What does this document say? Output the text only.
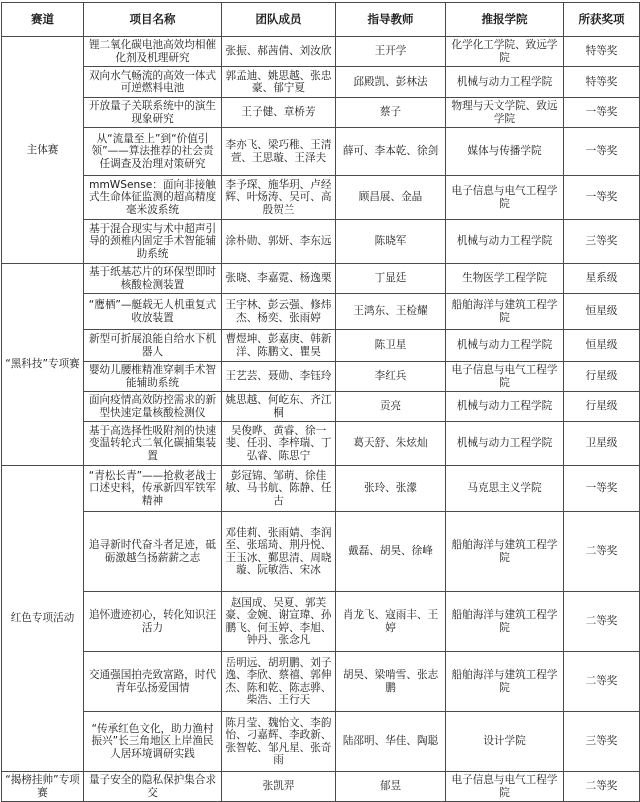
赛道	项目名称	团队成员	指导教师	推报学院	所获奖项
主体赛	锂二氧化碳电池高效均相催化剂及机理研究	张振、郝茜倩、刘汝欣	王开学	化学化工学院、致远学院	特等奖
	双向水气畅流的高效一体式可逆燃料电池	郭孟迪、姚思越、张忠豪、郁宁夏	邱殿凯、彭林法	机械与动力工程学院	特等奖
	开放量子关联系统中的演生现象研究	王子健、章桥芳	蔡子	物理与天文学院、致远学院	一等奖
	从“流量至上”到“价值引领”——算法推荐的社会责任调查及治理对策研究	李亦飞、梁巧稚、王清萱、王思璇、王泽夫	薛可、李本乾、徐剑	媒体与传播学院	一等奖
	mmWSense：面向非接触式生命体征监测的超高精度毫米波系统	李予琛、施华玥、卢经辉、叶炀涛、吴可、高殷贺兰	顾昌展、金晶	电子信息与电气工程学院	一等奖
	基于混合现实与术中超声引导的颈椎内固定手术智能辅助系统	涂朴勋、郭妍、李东远	陈晓军	机械与动力工程学院	三等奖
“黑科技”专项赛	基于纸基芯片的环保型即时核酸检测装置	张晓、李嘉霓、杨逸栗	丁显廷	生物医学工程学院	星系级
	“鹰栖”—艇载无人机重复式收放装置	王宇林、彭云强、修炜杰、杨奕、张雨婷	王鸿东、王检耀	船舶海洋与建筑工程学院	恒星级
	新型可折展浪能自给水下机器人	曹煜坤、彭嘉庚、韩新洋、陈鹏文、瞿昊	陈卫星	机械与动力工程学院	恒星级
	婴幼儿腰椎精准穿刺手术智能辅助系统	王艺芸、聂勋、李钰玲	李红兵	电子信息与电气工程学院	行星级
	面向疫情高效防控需求的新型快速定量核酸检测仪	姚思越、何屹东、齐江桐	贡亮	机械与动力工程学院	行星级
	基于高选择性吸附剂的快速变温转轮式二氧化碳捕集装置	吴俊晔、黄睿、徐一斐、任羽、李梓瑞、丁弘睿、陈思宁	葛天舒、朱炫灿	机械与动力工程学院	卫星级
红色专项活动	“青松长青”——抢救老战士口述史料，传承新四军铁军精神	彭冠锦、邹萌、徐佳敏、马书航、陈静、任古	张玲、张濛	马克思主义学院	一等奖
	追寻新时代奋斗者足迹，砥砺激越刍扬薪薪之志	邓佳莉、张雨婧、李润至、张瑶琦、荆丹悦、王玉冰、鄞思清、周晓璇、阮敏浩、宋冰	戴磊、胡昊、徐峰	船舶海洋与建筑工程学院	二等奖
	追怀遗迹初心，转化知识汪活力	赵国成、吴夏、郭芙豪、金婉、谢宣瑋、孙鹏飞、何玉婷、李旭、钟丹、张念凡	肖龙飞、寇雨丰、王婷	船舶海洋与建筑工程学院	二等奖
	交通强国拍壳致富路，时代青年弘扬爱国情	岳明远、胡玥鹏、刘子逸、李欣、蔡禧、郭伸杰、陈和乾、陈志骅、柴浩、王行天	胡昊、梁啃雪、张志鹏	船舶海洋与建筑工程学院	二等奖
	“传承红色文化，助力渔村振兴”长三角地区上岸渔民人居环境调研实践	陈月莹、魏怡文、李韵怡、刁嘉辉、李政新、张智乾、邹凡星、张奇雨	陆邵明、华佳、陶聪	设计学院	三等奖
“揭榜挂帅”专项赛	量子安全的隐私保护集合求交	张凯羿	郁昱	电子信息与电气工程学院	二等奖
